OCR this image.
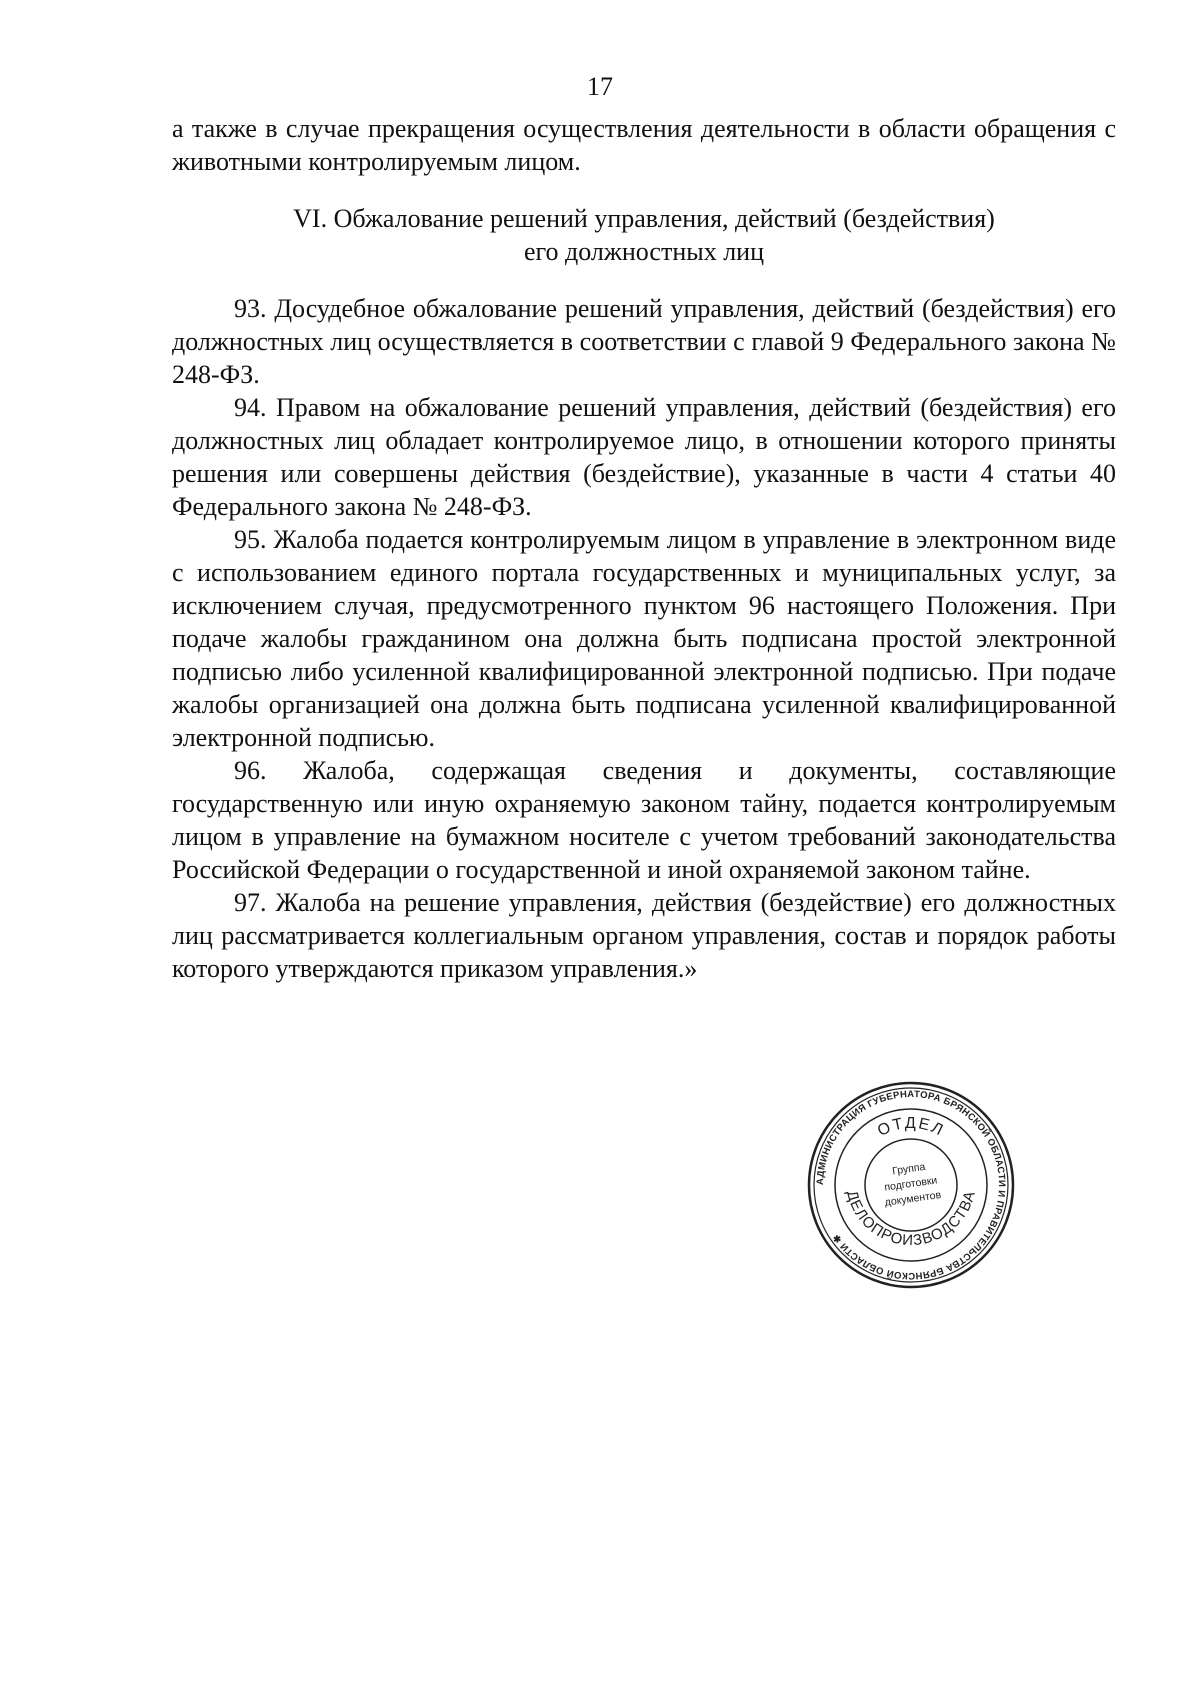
17

а также в случае прекращения осуществления деятельности в области обращения с животными контролируемым лицом.

VI. Обжалование решений управления, действий (бездействия)
его должностных лиц

93. Досудебное обжалование решений управления, действий (бездействия) его должностных лиц осуществляется в соответствии с главой 9 Федерального закона № 248-ФЗ.

94. Правом на обжалование решений управления, действий (бездействия) его должностных лиц обладает контролируемое лицо, в отношении которого приняты решения или совершены действия (бездействие), указанные в части 4 статьи 40 Федерального закона № 248-ФЗ.

95. Жалоба подается контролируемым лицом в управление в электронном виде с использованием единого портала государственных и муниципальных услуг, за исключением случая, предусмотренного пунктом 96 настоящего Положения. При подаче жалобы гражданином она должна быть подписана простой электронной подписью либо усиленной квалифицированной электронной подписью. При подаче жалобы организацией она должна быть подписана усиленной квалифицированной электронной подписью.

96. Жалоба, содержащая сведения и документы, составляющие государственную или иную охраняемую законом тайну, подается контролируемым лицом в управление на бумажном носителе с учетом требований законодательства Российской Федерации о государственной и иной охраняемой законом тайне.

97. Жалоба на решение управления, действия (бездействие) его должностных лиц рассматривается коллегиальным органом управления, состав и порядок работы которого утверждаются приказом управления.»

АДМИНИСТРАЦИЯ ГУБЕРНАТОРА БРЯНСКОЙ ОБЛАСТИ И ПРАВИТЕЛЬСТВА БРЯНСКОЙ ОБЛАСТИ ✱
ОТДЕЛ
ДЕЛОПРОИЗВОДСТВА
Группа
подготовки
документов
